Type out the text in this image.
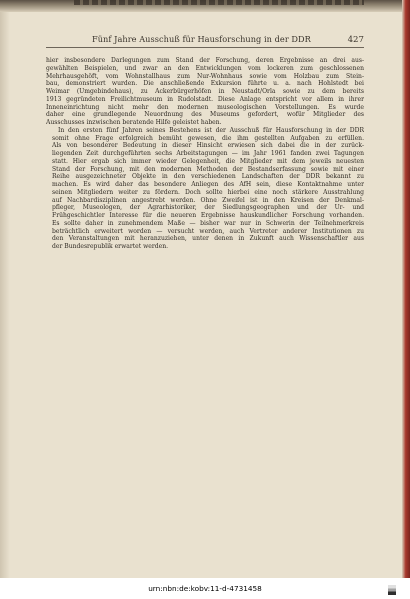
Fünf Jahre Ausschuß für Hausforschung in der DDR	427
hier insbesondere Darlegungen zum Stand der Forschung, deren Ergebnisse an drei aus-
gewählten Beispielen, und zwar an den Entwicklungen vom lockeren zum geschlossenen
Mehrhausgehöft, vom Wohnstallhaus zum Nur-Wohnhaus sowie vom Holzbau zum Stein-
bau, demonstriert wurden. Die anschließende Exkursion führte u. a. nach Hohlstedt bei
Weimar (Umgebindehaus), zu Ackerbürgerhöfen in Neustadt/Orla sowie zu dem bereits
1913 gegründeten Freilichtmuseum in Rudolstadt. Diese Anlage entspricht vor allem in ihrer
Inneneinrichtung nicht mehr den modernen museologischen Vorstellungen. Es wurde
daher eine grundlegende Neuordnung des Museums gefordert, wofür Mitglieder des
Ausschusses inzwischen beratende Hilfe geleistet haben.
In den ersten fünf Jahren seines Bestehens ist der Ausschuß für Hausforschung in der DDR
somit ohne Frage erfolgreich bemüht gewesen, die ihm gestellten Aufgaben zu erfüllen.
Als von besonderer Bedeutung in dieser Hinsicht erwiesen sich dabei die in der zurück-
liegenden Zeit durchgeführten sechs Arbeitstagungen — im Jahr 1961 fanden zwei Tagungen
statt. Hier ergab sich immer wieder Gelegenheit, die Mitglieder mit dem jeweils neuesten
Stand der Forschung, mit den modernen Methoden der Bestandserfassung sowie mit einer
Reihe ausgezeichneter Objekte in den verschiedenen Landschaften der DDR bekannt zu
machen. Es wird daher das besondere Anliegen des AfH sein, diese Kontaktnahme unter
seinen Mitgliedern weiter zu fördern. Doch sollte hierbei eine noch stärkere Ausstrahlung
auf Nachbardisziplinen angestrebt werden. Ohne Zweifel ist in den Kreisen der Denkmal-
pfleger, Museologen, der Agrarhistoriker, der Siedlungsgeographen und der Ur- und
Frühgeschichtler Interesse für die neueren Ergebnisse hauskundlicher Forschung vorhanden.
Es sollte daher in zunehmendem Maße — bisher war nur in Schwerin der Teilnehmerkreis
beträchtlich erweitert worden — versucht werden, auch Vertreter anderer Institutionen zu
den Veranstaltungen mit heranzuziehen, unter denen in Zukunft auch Wissenschaftler aus
der Bundesrepublik erwartet werden.
urn:nbn:de:kobv:11-d-4731458
